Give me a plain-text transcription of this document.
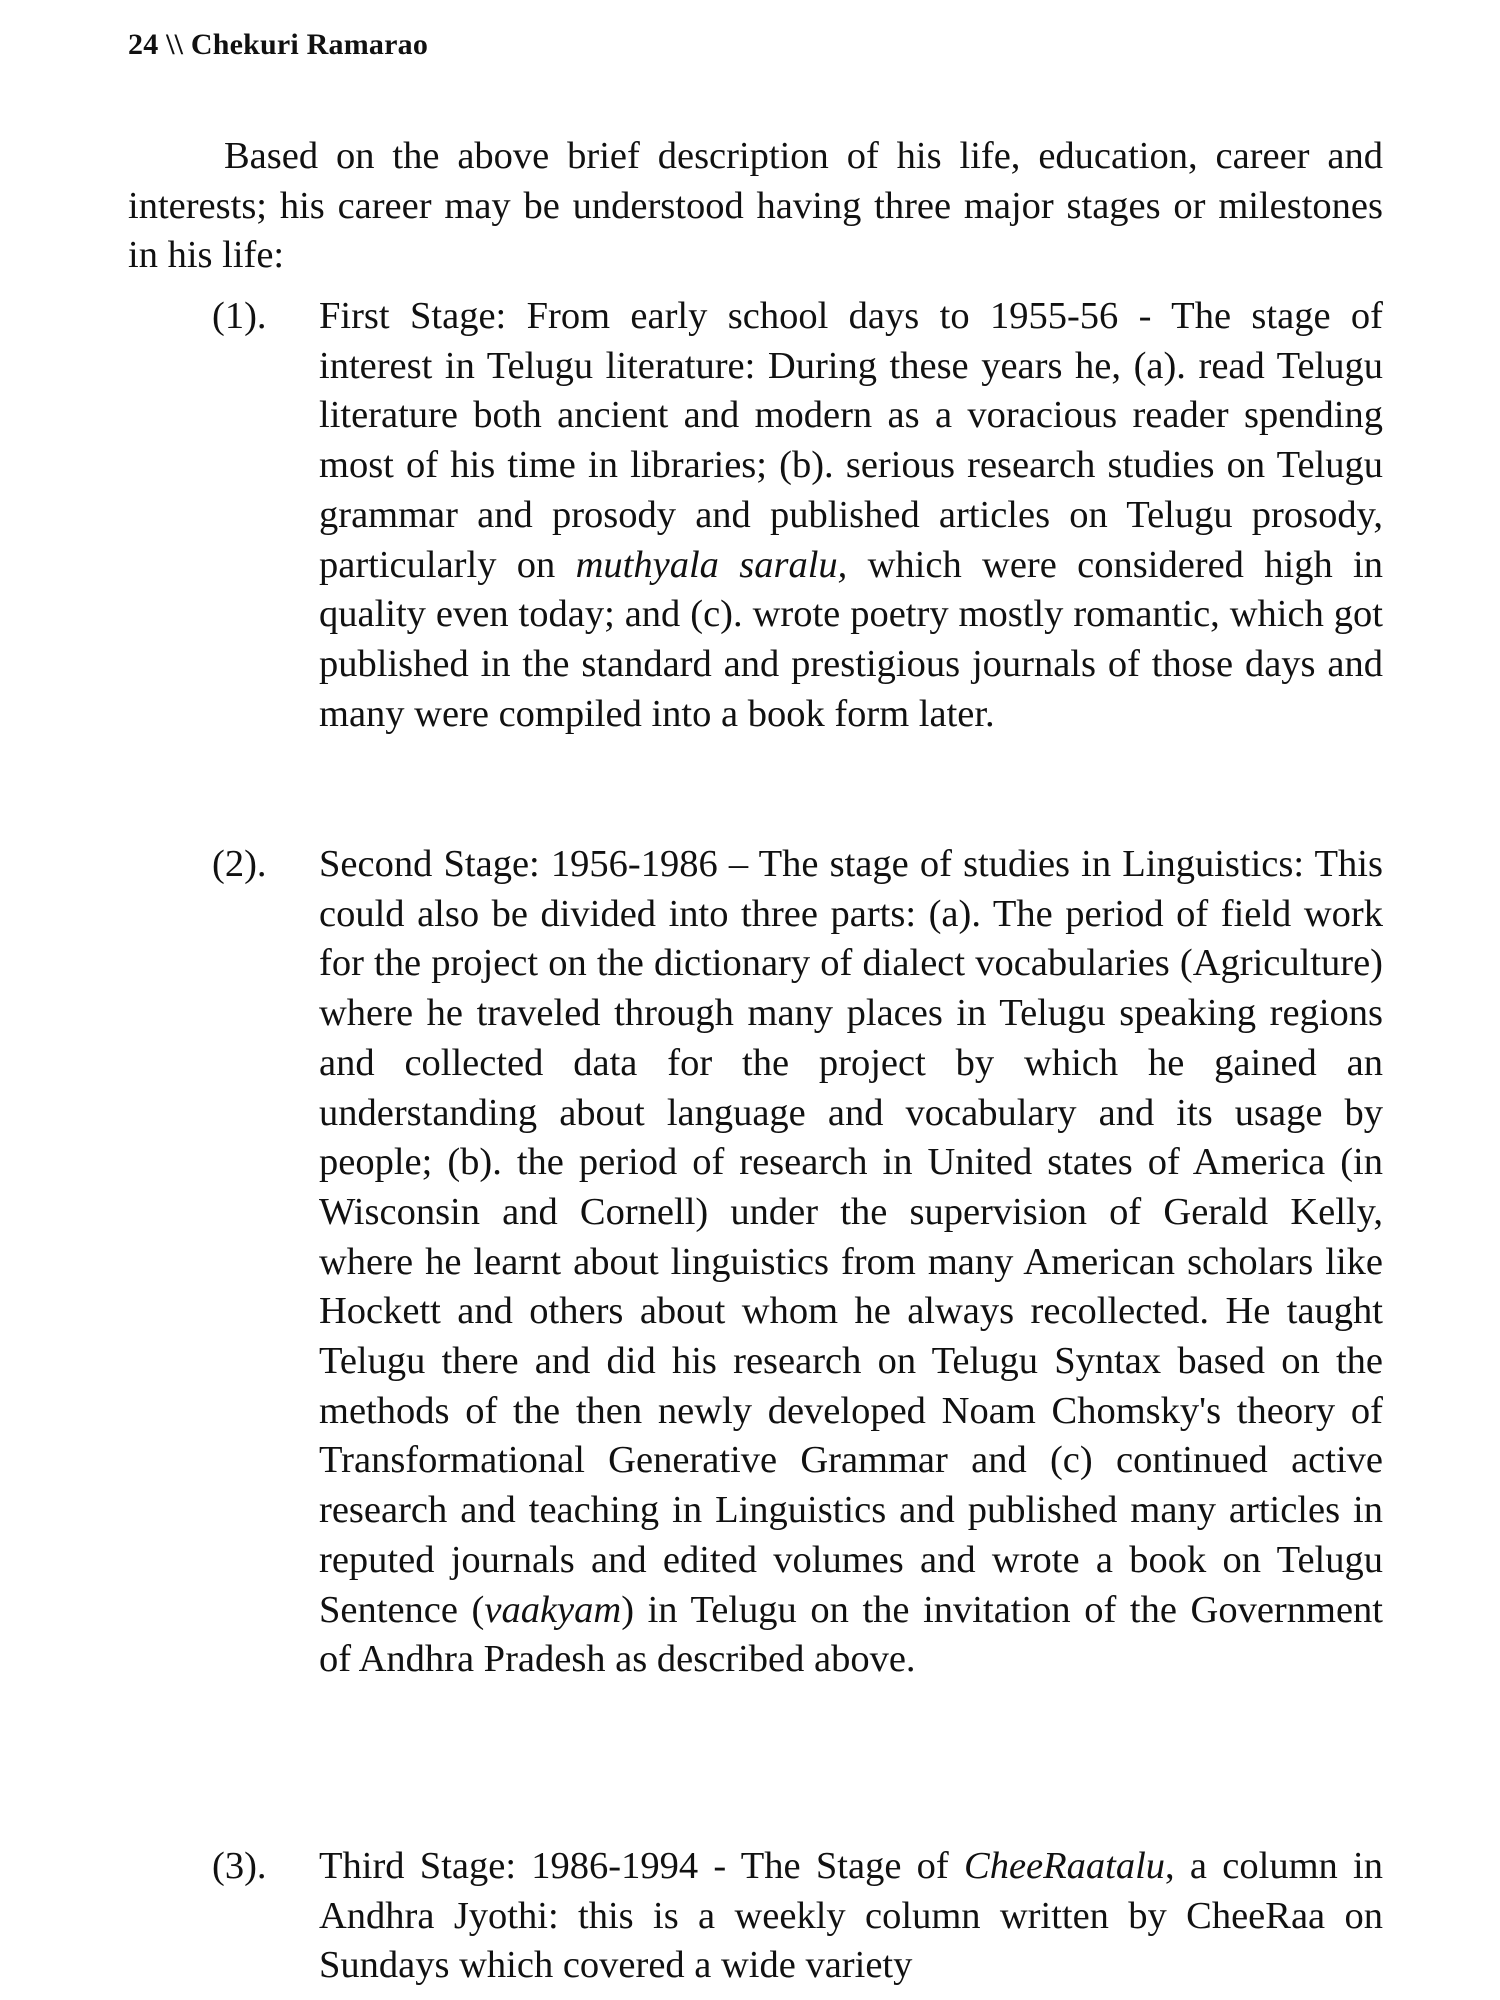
24 \\ Chekuri Ramarao

Based on the above brief description of his life, education, career and interests; his career may be understood having three major stages or milestones in his life:

(1).	First Stage: From early school days to 1955-56 - The stage of interest in Telugu literature: During these years he, (a). read Telugu literature both ancient and modern as a voracious reader spending most of his time in libraries; (b). serious research studies on Telugu grammar and prosody and published articles on Telugu prosody, particularly on muthyala saralu, which were considered high in quality even today; and (c). wrote poetry mostly romantic, which got published in the standard and prestigious journals of those days and many were compiled into a book form later.

(2).	Second Stage: 1956-1986 – The stage of studies in Linguistics: This could also be divided into three parts: (a). The period of field work for the project on the dictionary of dialect vocabularies (Agriculture) where he traveled through many places in Telugu speaking regions and collected data for the project by which he gained an understanding about language and vocabulary and its usage by people; (b). the period of research in United states of America (in Wisconsin and Cornell) under the supervision of Gerald Kelly, where he learnt about linguistics from many American scholars like Hockett and others about whom he always recollected. He taught Telugu there and did his research on Telugu Syntax based on the methods of the then newly developed Noam Chomsky's theory of Transformational Generative Grammar and (c) continued active research and teaching in Linguistics and published many articles in reputed journals and edited volumes and wrote a book on Telugu Sentence (vaakyam) in Telugu on the invitation of the Government of Andhra Pradesh as described above.

(3).	Third Stage: 1986-1994 - The Stage of CheeRaatalu, a column in Andhra Jyothi: this is a weekly column written by CheeRaa on Sundays which covered a wide variety
